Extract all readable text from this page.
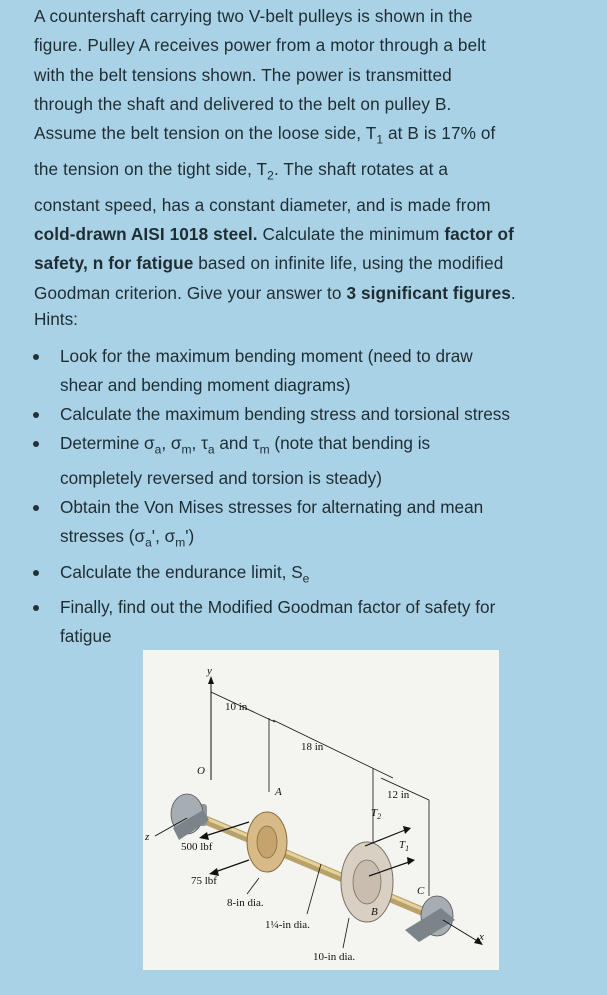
A countershaft carrying two V-belt pulleys is shown in the
figure. Pulley A receives power from a motor through a belt
with the belt tensions shown. The power is transmitted
through the shaft and delivered to the belt on pulley B.
Assume the belt tension on the loose side, $T_1$ at B is 17% of
the tension on the tight side, $T_2$. The shaft rotates at a
constant speed, has a constant diameter, and is made from
cold-drawn AISI 1018 steel. Calculate the minimum factor of
safety, n for fatigue based on infinite life, using the modified
Goodman criterion. Give your answer to 3 significant figures.
Hints:
Look for the maximum bending moment (need to draw
shear and bending moment diagrams)
Calculate the maximum bending stress and torsional stress
Determine $\sigma_a$, $\sigma_m$, $\tau_a$ and $\tau_m$ (note that bending is
completely reversed and torsion is steady)
Obtain the Von Mises stresses for alternating and mean
stresses ($\sigma_a'$, $\sigma_m'$)
Calculate the endurance limit, $S_e$
Finally, find out the Modified Goodman factor of safety for
fatigue
y
O
10 in
18 in
12 in
A
B
C
x
z
500 lbf
75 lbf
$T_2$
$T_1$
8-in dia.
1¼-in dia.
10-in dia.
